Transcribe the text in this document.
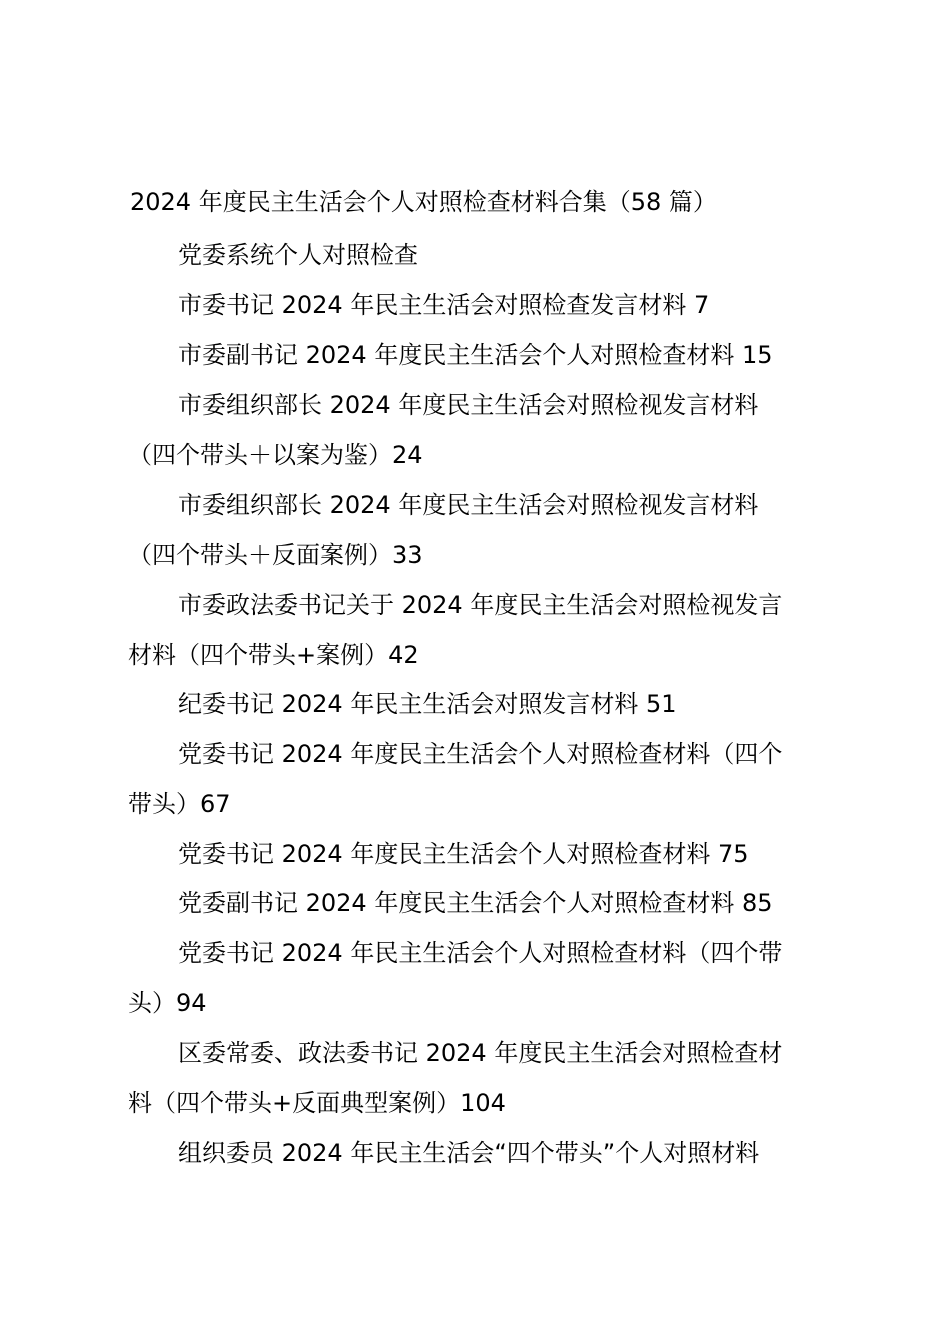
2024 年度民主生活会个人对照检查材料合集（58 篇）
党委系统个人对照检查
市委书记 2024 年民主生活会对照检查发言材料 7
市委副书记 2024 年度民主生活会个人对照检查材料 15
市委组织部长 2024 年度民主生活会对照检视发言材料
（四个带头＋以案为鉴）24
市委组织部长 2024 年度民主生活会对照检视发言材料
（四个带头＋反面案例）33
市委政法委书记关于 2024 年度民主生活会对照检视发言
材料（四个带头+案例）42
纪委书记 2024 年民主生活会对照发言材料 51
党委书记 2024 年度民主生活会个人对照检查材料（四个
带头）67
党委书记 2024 年度民主生活会个人对照检查材料 75
党委副书记 2024 年度民主生活会个人对照检查材料 85
党委书记 2024 年民主生活会个人对照检查材料（四个带
头）94
区委常委、政法委书记 2024 年度民主生活会对照检查材
料（四个带头+反面典型案例）104
组织委员 2024 年民主生活会“四个带头”个人对照材料
